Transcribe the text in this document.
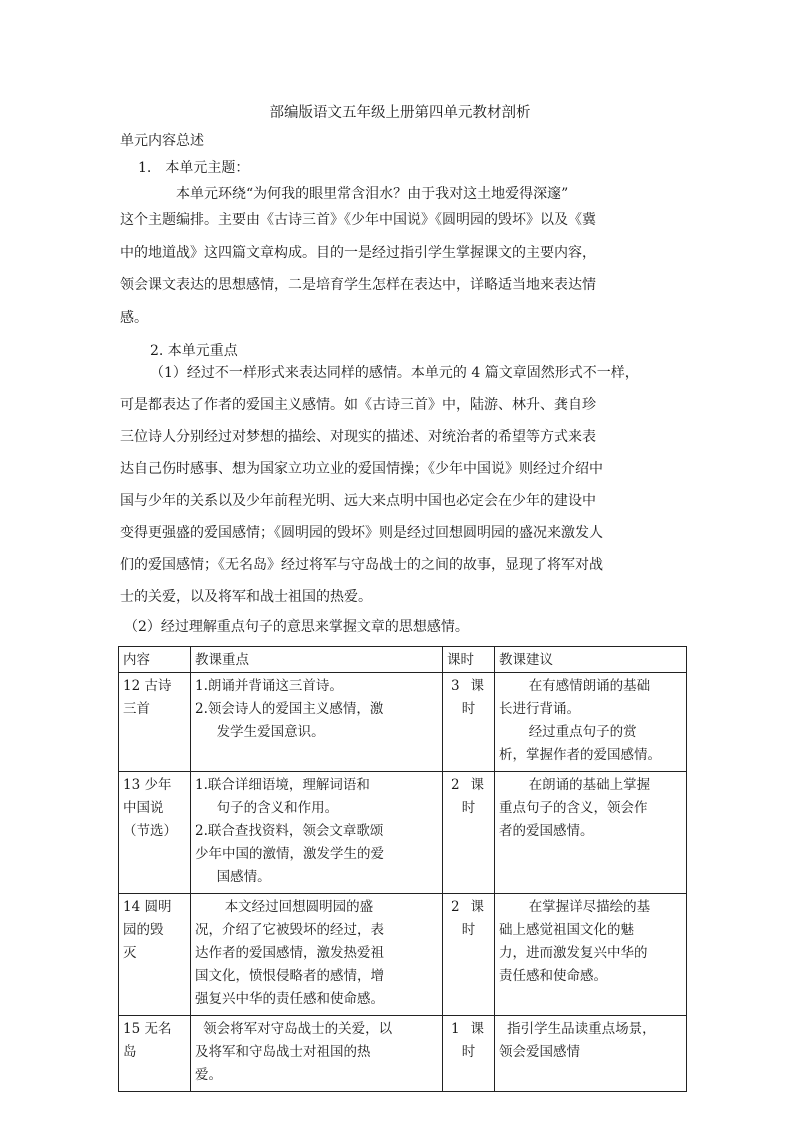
部编版语文五年级上册第四单元教材剖析
单元内容总述
1.　本单元主题：
本单元环绕“为何我的眼里常含泪水？由于我对这土地爱得深邃”
这个主题编排。主要由《古诗三首》《少年中国说》《圆明园的毁坏》以及《冀
中的地道战》这四篇文章构成。目的一是经过指引学生掌握课文的主要内容，
领会课文表达的思想感情，二是培育学生怎样在表达中，详略适当地来表达情
感。
2. 本单元重点
（1）经过不一样形式来表达同样的感情。本单元的 4 篇文章固然形式不一样，
可是都表达了作者的爱国主义感情。如《古诗三首》中，陆游、林升、龚自珍
三位诗人分别经过对梦想的描绘、对现实的描述、对统治者的希望等方式来表
达自己伤时感事、想为国家立功立业的爱国情操；《少年中国说》则经过介绍中
国与少年的关系以及少年前程光明、远大来点明中国也必定会在少年的建设中
变得更强盛的爱国感情；《圆明园的毁坏》则是经过回想圆明园的盛况来激发人
们的爱国感情；《无名岛》经过将军与守岛战士的之间的故事，显现了将军对战
士的关爱，以及将军和战士祖国的热爱。
（2）经过理解重点句子的意思来掌握文章的思想感情。
内容	教课重点	课时	教课建议

12 古诗
三首	1.朗诵并背诵这三首诗。
2.领会诗人的爱国主义感情，激
发学生爱国意识。	3 课
时	在有感情朗诵的基础
长进行背诵。
经过重点句子的赏
析，掌握作者的爱国感情。

13 少年
中国说
（节选）	1.联合详细语境，理解词语和
句子的含义和作用。
2.联合查找资料，领会文章歌颂
少年中国的激情，激发学生的爱
国感情。	2 课
时	在朗诵的基础上掌握
重点句子的含义，领会作
者的爱国感情。

14 圆明
园的毁
灭	本文经过回想圆明园的盛
况，介绍了它被毁坏的经过，表
达作者的爱国感情，激发热爱祖
国文化，愤恨侵略者的感情，增
强复兴中华的责任感和使命感。	2 课
时	在掌握详尽描绘的基
础上感觉祖国文化的魅
力，进而激发复兴中华的
责任感和使命感。

15 无名
岛	领会将军对守岛战士的关爱，以
及将军和守岛战士对祖国的热
爱。	1 课
时	指引学生品读重点场景，
领会爱国感情
